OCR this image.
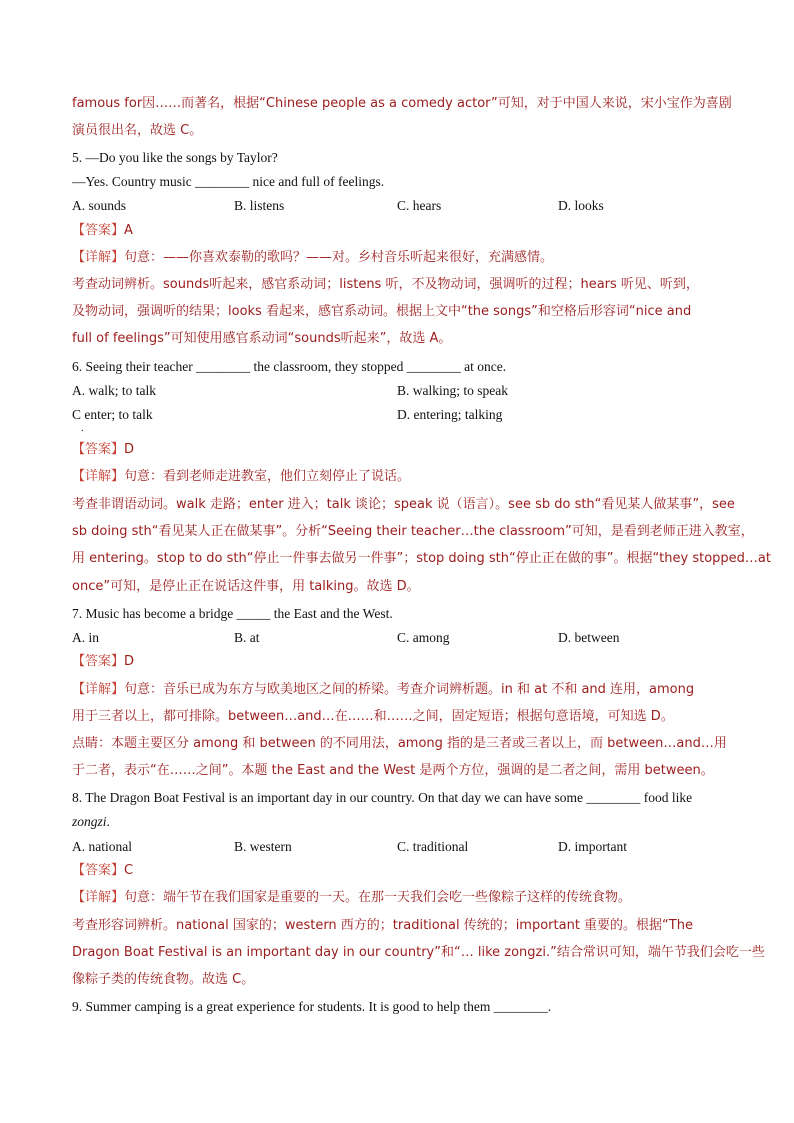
famous for因……而著名，根据“Chinese people as a comedy actor”可知，对于中国人来说，宋小宝作为喜剧
演员很出名，故选 C。
5. —Do you like the songs by Taylor?
—Yes. Country music ________ nice and full of feelings.
A. sounds	B. listens	C. hears	D. looks
【答案】A
【详解】句意：——你喜欢泰勒的歌吗？——对。乡村音乐听起来很好，充满感情。
考查动词辨析。sounds听起来，感官系动词；listens 听，不及物动词，强调听的过程；hears 听见、听到，
及物动词，强调听的结果；looks 看起来，感官系动词。根据上文中“the songs”和空格后形容词“nice and
full of feelings”可知使用感官系动词“sounds听起来”，故选 A。
6. Seeing their teacher ________ the classroom, they stopped ________ at once.
A. walk; to talk	B. walking; to speak
C enter; to talk	D. entering; talking
.
【答案】D
【详解】句意：看到老师走进教室，他们立刻停止了说话。
考查非谓语动词。walk 走路；enter 进入；talk 谈论；speak 说（语言）。see sb do sth“看见某人做某事”，see
sb doing sth“看见某人正在做某事”。分析“Seeing their teacher…the classroom”可知，是看到老师正进入教室，
用 entering。stop to do sth“停止一件事去做另一件事”；stop doing sth“停止正在做的事”。根据“they stopped…at
once”可知，是停止正在说话这件事，用 talking。故选 D。
7. Music has become a bridge _____ the East and the West.
A. in	B. at	C. among	D. between
【答案】D
【详解】句意：音乐已成为东方与欧美地区之间的桥梁。考查介词辨析题。in 和 at 不和 and 连用，among
用于三者以上，都可排除。between…and…在……和……之间，固定短语；根据句意语境，可知选 D。
点睛：本题主要区分 among 和 between 的不同用法，among 指的是三者或三者以上，而 between…and…用
于二者，表示“在……之间”。本题 the East and the West 是两个方位，强调的是二者之间，需用 between。
8. The Dragon Boat Festival is an important day in our country. On that day we can have some ________ food like
zongzi.
A. national	B. western	C. traditional	D. important
【答案】C
【详解】句意：端午节在我们国家是重要的一天。在那一天我们会吃一些像粽子这样的传统食物。
考查形容词辨析。national 国家的；western 西方的；traditional 传统的；important 重要的。根据“The
Dragon Boat Festival is an important day in our country”和“… like zongzi.”结合常识可知，端午节我们会吃一些
像粽子类的传统食物。故选 C。
9. Summer camping is a great experience for students. It is good to help them ________.
